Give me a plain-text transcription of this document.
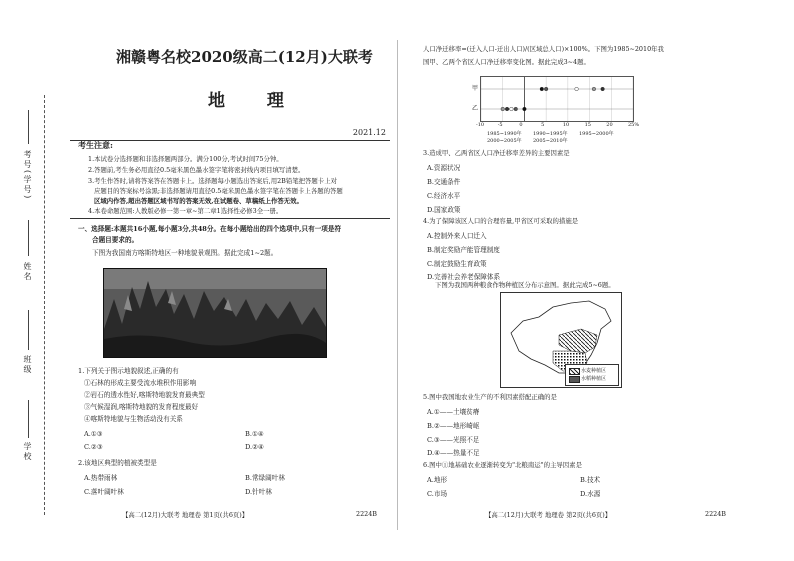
考号(学号)
姓名
班级
学校
湘赣粤名校2020级高二(12月)大联考
地 理
2021.12
考生注意:
1.本试卷分选择题和非选择题两部分。满分100分,考试时间75分钟。
2.答题前,考生务必用直径0.5毫米黑色墨水签字笔将密封线内项目填写清楚。
3.考生作答时,请将答案答在答题卡上。选择题每小题选出答案后,用2B铅笔把答题卡上对
应题目的答案标号涂黑;非选择题请用直径0.5毫米黑色墨水签字笔在答题卡上各题的答题
区域内作答,超出答题区域书写的答案无效,在试题卷、草稿纸上作答无效。
4.本卷命题范围:人教版必修一第一章~第二章1选择性必修3全一册。
一、选择题:本题共16小题,每小题3分,共48分。在每小题给出的四个选项中,只有一项是符
合题目要求的。
下图为我国南方喀斯特地区一种地貌景观图。据此完成1~2题。
1.下列关于图示地貌叙述,正确的有
①石林的形成主要受流水堆积作用影响
②岩石的透水性好,喀斯特地貌发育最典型
③气候湿润,喀斯特地貌的发育程度最好
④喀斯特地貌与生物活动没有关系
A.①③	B.①④
C.②③	D.②④
2.该地区典型的植被类型是
A.热带雨林	B.常绿阔叶林
C.落叶阔叶林	D.针叶林
【高二(12月)大联考 地理卷 第1页(共6页)】	2224B
人口净迁移率=(迁入人口-迁出人口)/(区域总人口)×100%。下图为1985~2010年我
国甲、乙两个省区人口净迁移率变化图。据此完成3~4题。
3.造成甲、乙两省区人口净迁移率差异的主要因素是
A.资源状况
B.交通条件
C.经济水平
D.国家政策
4.为了保障该区人口的合理容量,甲省区可采取的措施是
A.控制外来人口迁入
B.制定奖励产能管理制度
C.制定鼓励生育政策
D.完善社会养老保障体系
下图为我国两种粮食作物种植区分布示意图。据此完成5~6题。
5.图中我国地农业生产的不利因素搭配正确的是
A.①——土壤贫瘠
B.②——地形崎岖
C.③——光照不足
D.④——热量不足
6.图中①地基础农业逐渐转变为"北粮南运"的主导因素是
A.地形	B.技术
C.市场	D.水源
【高二(12月)大联考 地理卷 第2页(共6页)】	2224B
甲
乙
-10	-5	0	5	10	15	20	25%
1985~1990年 1990~1995年 1995~2000年
2000~2005年 2005~2010年
水麦种植区
水稻种植区
